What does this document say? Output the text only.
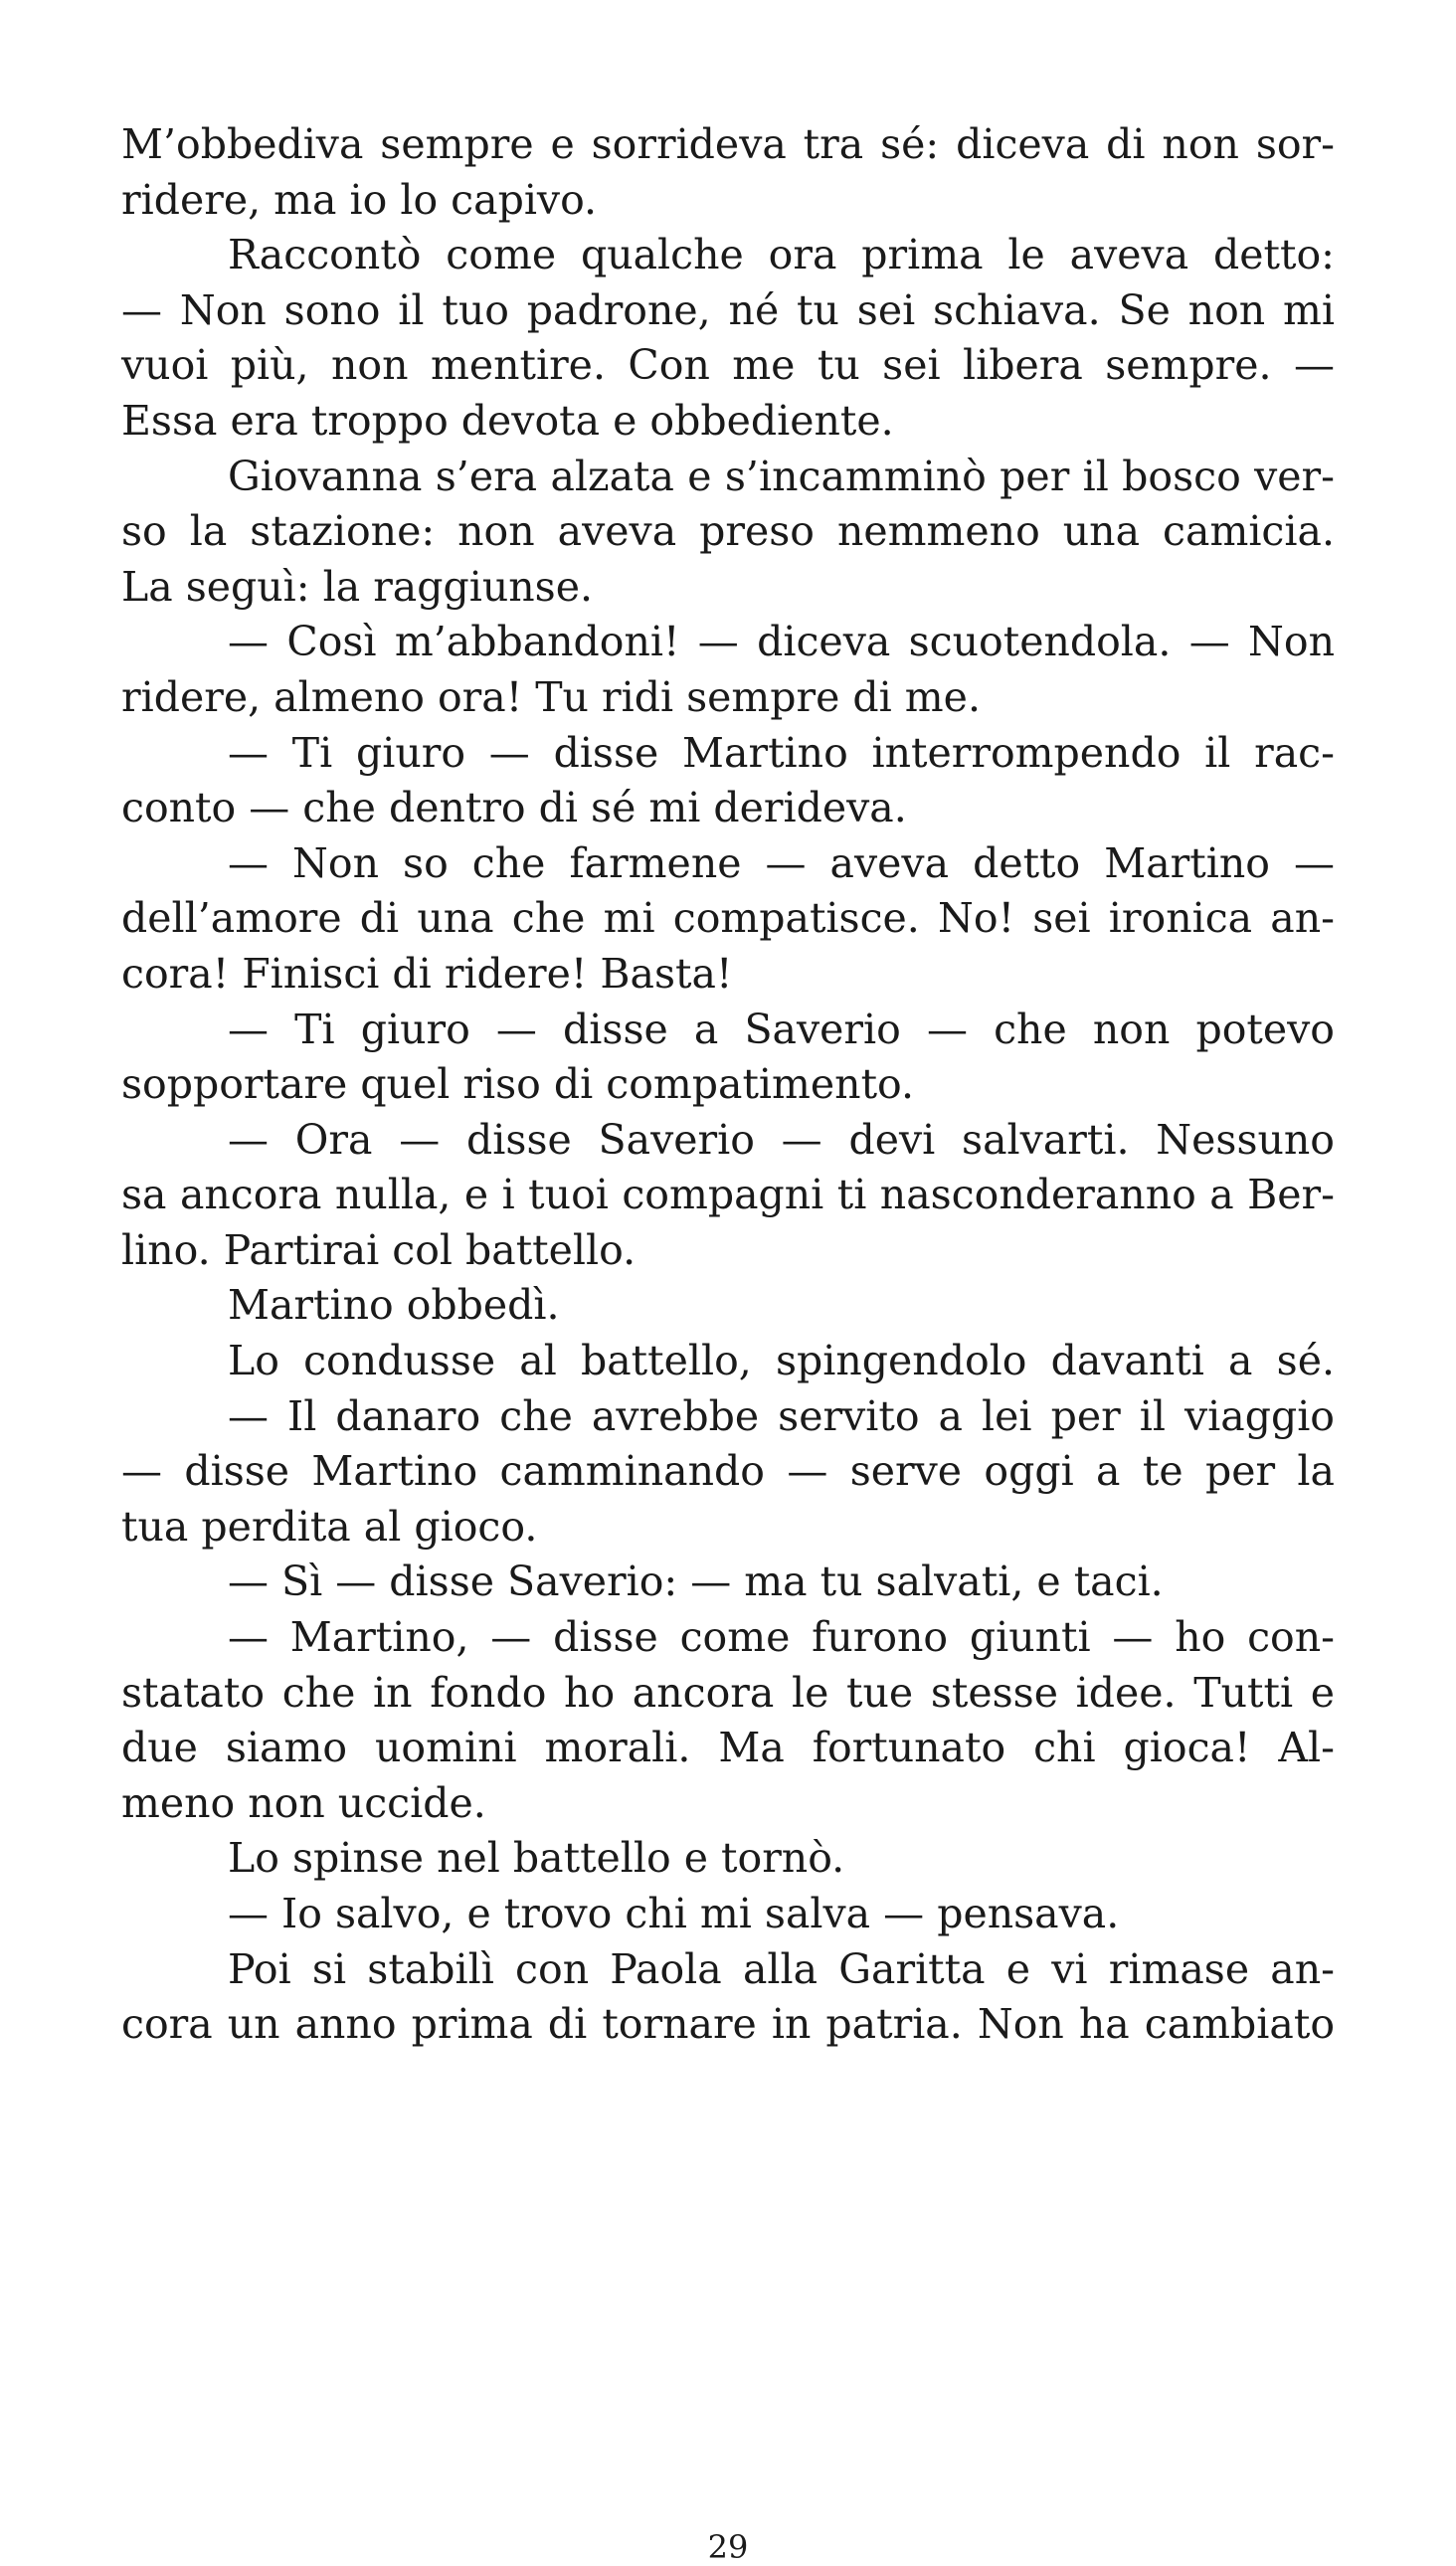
M’obbediva sempre e sorrideva tra sé: diceva di non sor-
ridere, ma io lo capivo.
Raccontò come qualche ora prima le aveva detto:
— Non sono il tuo padrone, né tu sei schiava. Se non mi
vuoi più, non mentire. Con me tu sei libera sempre. —
Essa era troppo devota e obbediente.
Giovanna s’era alzata e s’incamminò per il bosco ver-
so la stazione: non aveva preso nemmeno una camicia.
La seguì: la raggiunse.
— Così m’abbandoni! — diceva scuotendola. — Non
ridere, almeno ora! Tu ridi sempre di me.
— Ti giuro — disse Martino interrompendo il rac-
conto — che dentro di sé mi derideva.
— Non so che farmene — aveva detto Martino —
dell’amore di una che mi compatisce. No! sei ironica an-
cora! Finisci di ridere! Basta!
— Ti giuro — disse a Saverio — che non potevo
sopportare quel riso di compatimento.
— Ora — disse Saverio — devi salvarti. Nessuno
sa ancora nulla, e i tuoi compagni ti nasconderanno a Ber-
lino. Partirai col battello.
Martino obbedì.
Lo condusse al battello, spingendolo davanti a sé.
— Il danaro che avrebbe servito a lei per il viaggio
— disse Martino camminando — serve oggi a te per la
tua perdita al gioco.
— Sì — disse Saverio: — ma tu salvati, e taci.
— Martino, — disse come furono giunti — ho con-
statato che in fondo ho ancora le tue stesse idee. Tutti e
due siamo uomini morali. Ma fortunato chi gioca! Al-
meno non uccide.
Lo spinse nel battello e tornò.
— Io salvo, e trovo chi mi salva — pensava.
Poi si stabilì con Paola alla Garitta e vi rimase an-
cora un anno prima di tornare in patria. Non ha cambiato
29
